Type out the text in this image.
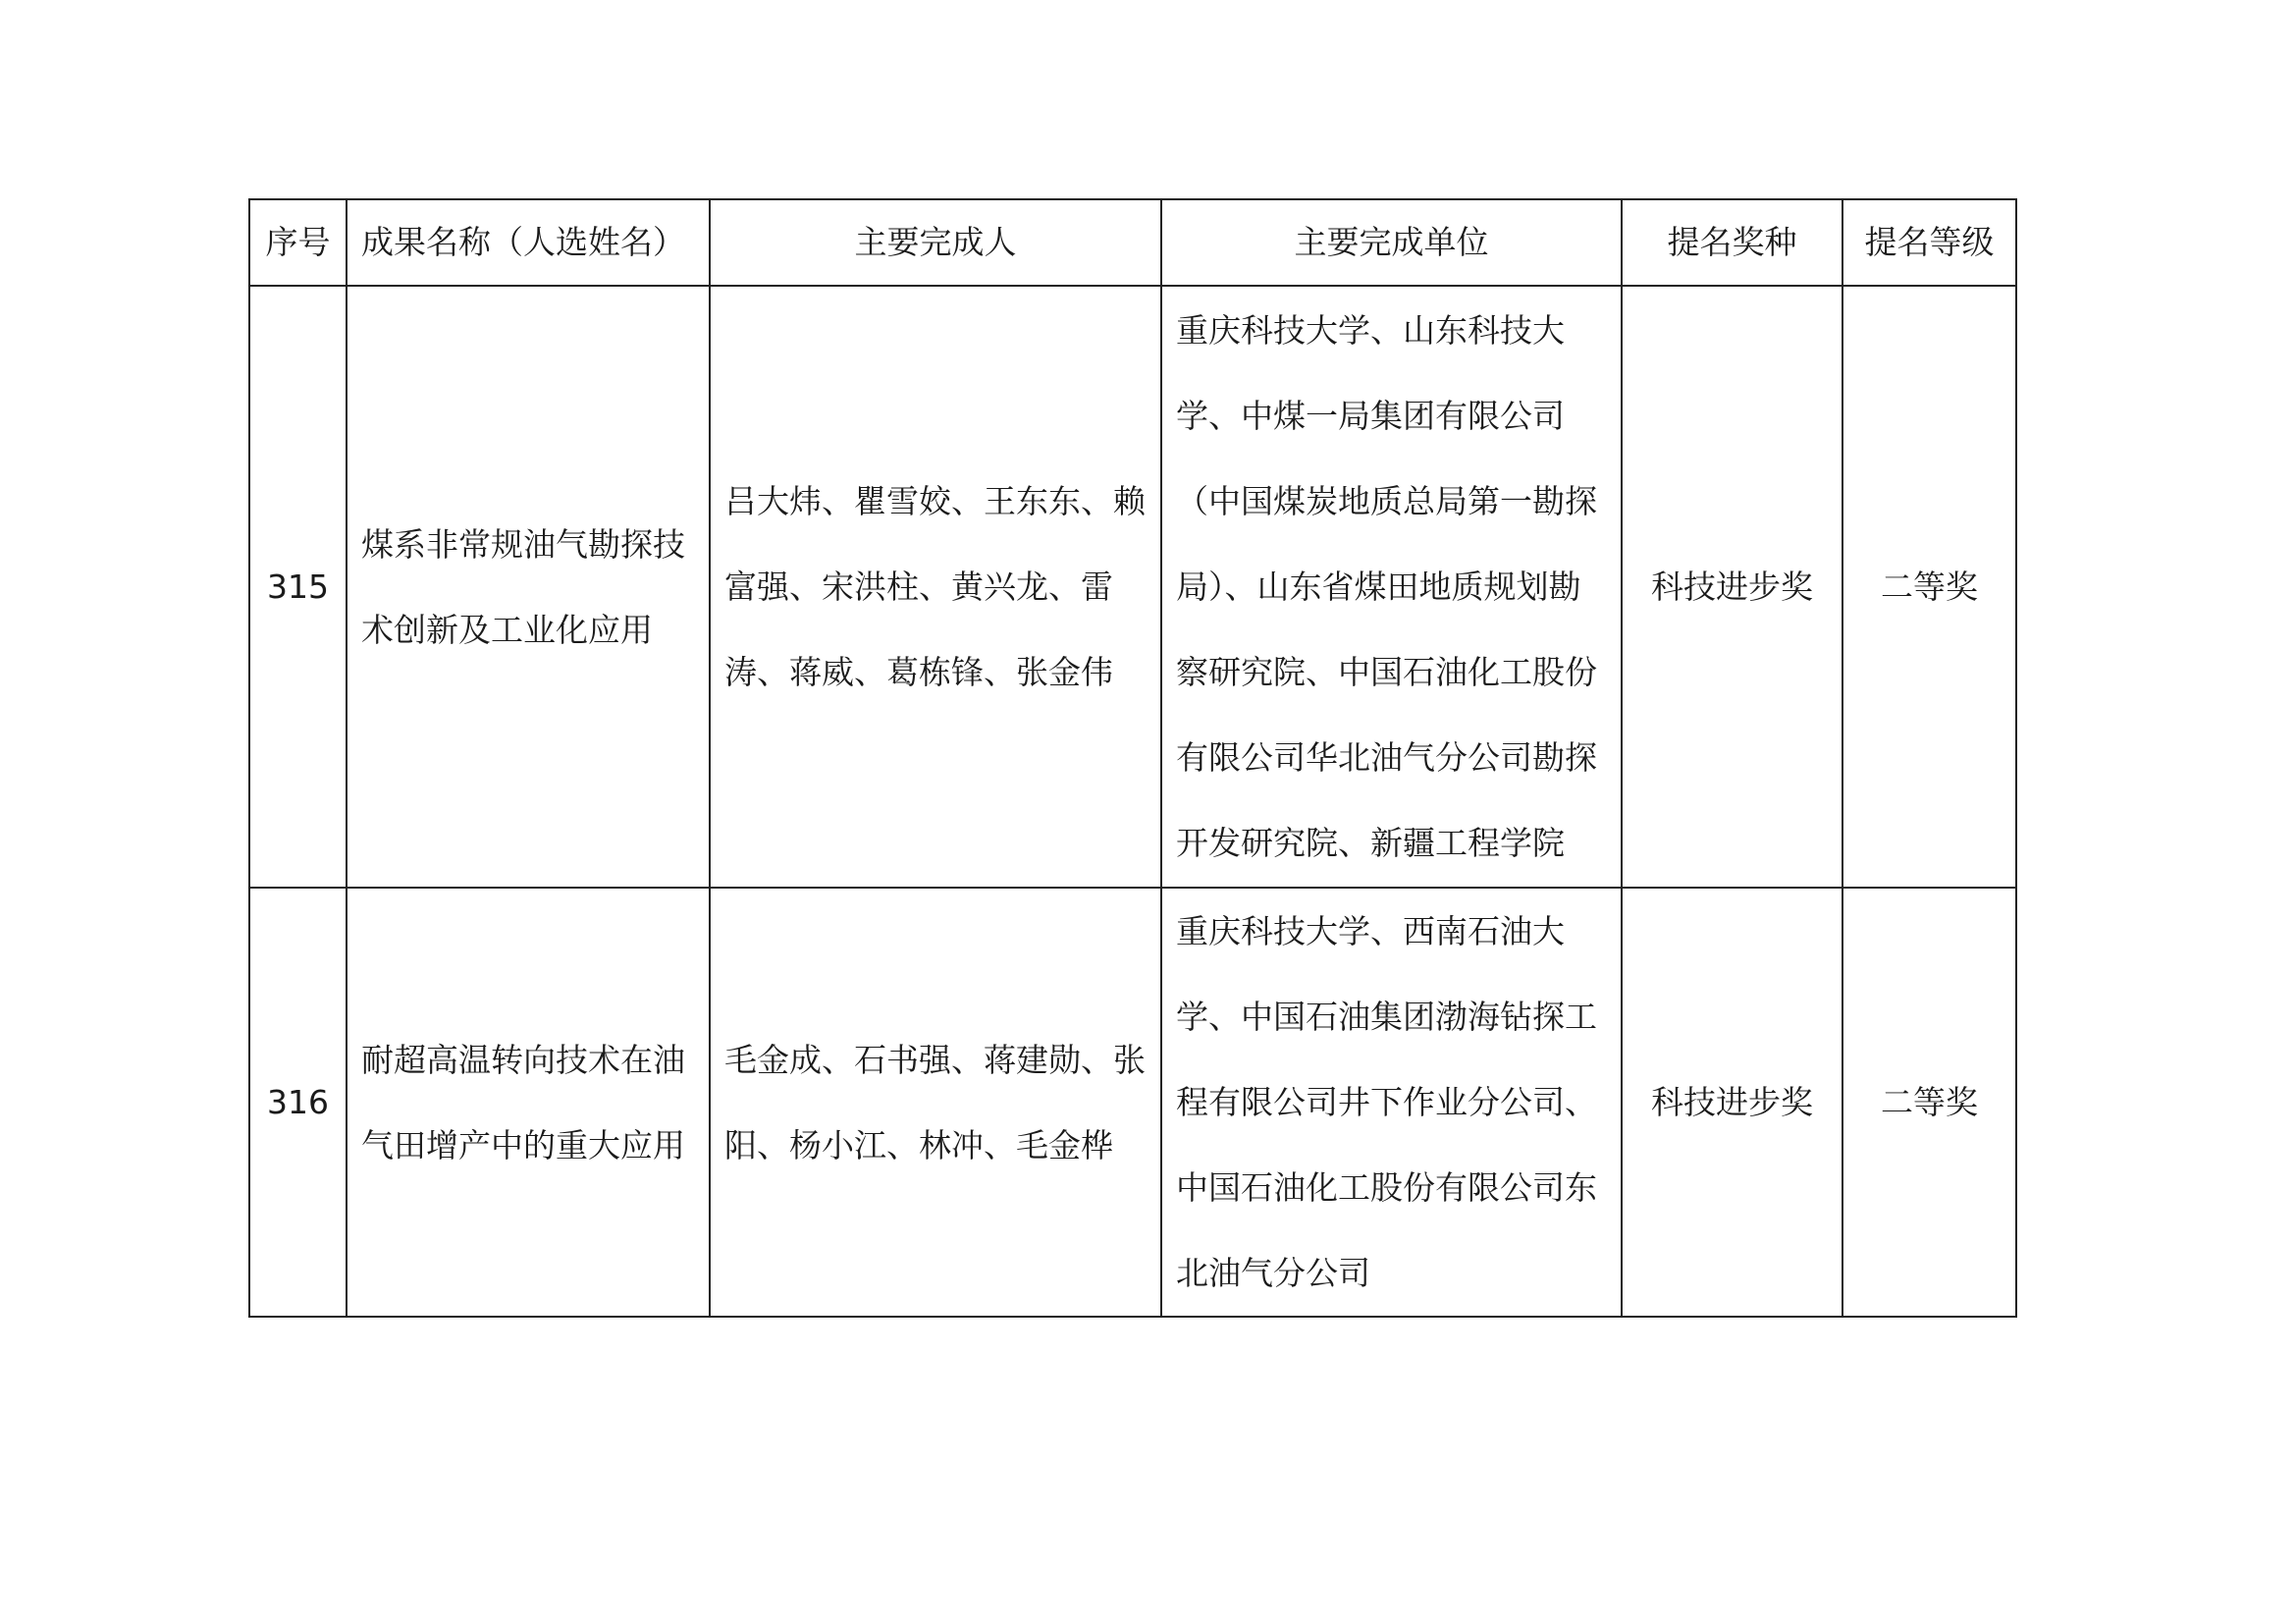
序号	成果名称（人选姓名）	主要完成人	主要完成单位	提名奖种	提名等级
315	煤系非常规油气勘探技术创新及工业化应用	吕大炜、瞿雪姣、王东东、赖富强、宋洪柱、黄兴龙、雷涛、蒋威、葛栋锋、张金伟	重庆科技大学、山东科技大学、中煤一局集团有限公司（中国煤炭地质总局第一勘探局）、山东省煤田地质规划勘察研究院、中国石油化工股份有限公司华北油气分公司勘探开发研究院、新疆工程学院	科技进步奖	二等奖
316	耐超高温转向技术在油气田增产中的重大应用	毛金成、石书强、蒋建勋、张阳、杨小江、林冲、毛金桦	重庆科技大学、西南石油大学、中国石油集团渤海钻探工程有限公司井下作业分公司、中国石油化工股份有限公司东北油气分公司	科技进步奖	二等奖
